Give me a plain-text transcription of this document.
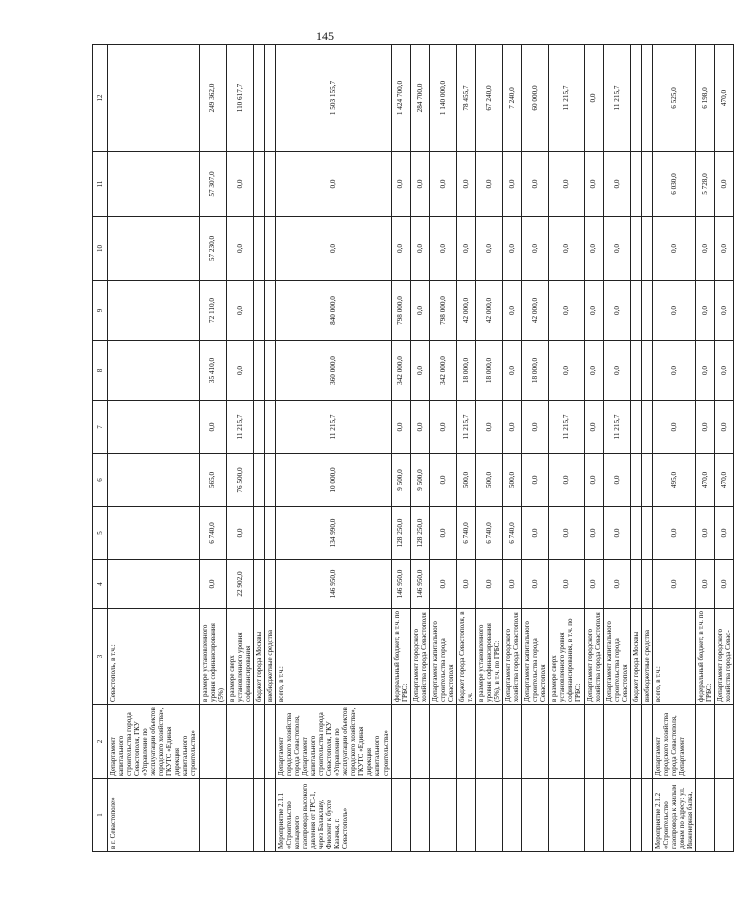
145
1	2	3	4	5	6	7	8	9	10	11	12
в г. Севастополе»	Департамент капитального строительства города Севастополя, ГКУ «Управление по эксплуатации объектов городского хозяйства», ГКУТС «Единая дирекция капитального строительства»	Севастополь, в т.ч.:									
		в размере установленного уровня софинансирования (5%)	0,0	6 740,0	565,0	0,0	35 410,0	72 110,0	57 230,0	57 307,0	249 362,0
		в размере сверх установленного уровня софинансирования	22 902,0	0,0	76 500,0	11 215,7	0,0	0,0	0,0	0,0	110 617,7
		бюджет города Москвы									
		внебюджетные средства									
Мероприятие 2.1.1 «Строительство кольцевого газопровода высокого давления от ГРС-1, через Балаклаву, Фиолент к бухте Казачья, г. Севастополь»	Департамент городского хозяйства города Севастополя, Департамент капитального строительства города Севастополя, ГКУ «Управление по эксплуатации объектов городского хозяйства», ГКУТС «Единая дирекция капитального строительства»	всего, в т.ч.:	146 950,0	134 990,0	10 000,0	11 215,7	360 000,0	840 000,0	0,0	0,0	1 503 155,7
		федеральный бюджет, в т.ч. по ГРБС:	146 950,0	128 250,0	9 500,0	0,0	342 000,0	798 000,0	0,0	0,0	1 424 700,0
		Департамент городского хозяйства города Севастополя	146 950,0	128 250,0	9 500,0	0,0	0,0	0,0	0,0	0,0	284 700,0
		Департамент капитального строительства города Севастополя	0,0	0,0	0,0	0,0	342 000,0	798 000,0	0,0	0,0	1 140 000,0
		бюджет города Севастополя, в т.ч.	0,0	6 740,0	500,0	11 215,7	18 000,0	42 000,0	0,0	0,0	78 455,7
		в размере установленного уровня софинансирования (5%), в т.ч. по ГРБС:	0,0	6 740,0	500,0	0,0	18 000,0	42 000,0	0,0	0,0	67 240,0
		Департамент городского хозяйства города Севастополя	0,0	6 740,0	500,0	0,0	0,0	0,0	0,0	0,0	7 240,0
		Департамент капитального строительства города Севастополя	0,0	0,0	0,0	0,0	18 000,0	42 000,0	0,0	0,0	60 000,0
		в размере сверх установленного уровня софинансирования, в т.ч. по ГРБС:	0,0	0,0	0,0	11 215,7	0,0	0,0	0,0	0,0	11 215,7
		Департамент городского хозяйства города Севастополя	0,0	0,0	0,0	0,0	0,0	0,0	0,0	0,0	0,0
		Департамент капитального строительства города Севастополя	0,0	0,0	0,0	11 215,7	0,0	0,0	0,0	0,0	11 215,7
		бюджет города Москвы									
		внебюджетные средства									
Мероприятие 2.1.2 «Строительство газопровода к жилым домам по адресу: ул. Инженерная балка,	Департамент городского хозяйства города Севастополя, Департамент	всего, в т.ч.:	0,0	0,0	495,0	0,0	0,0	0,0	0,0	6 030,0	6 525,0
		федеральный бюджет, в т.ч. по ГРБС:	0,0	0,0	470,0	0,0	0,0	0,0	0,0	5 728,0	6 198,0
		Департамент городского хозяйства города Севас-	0,0	0,0	470,0	0,0	0,0	0,0	0,0	0,0	470,0
